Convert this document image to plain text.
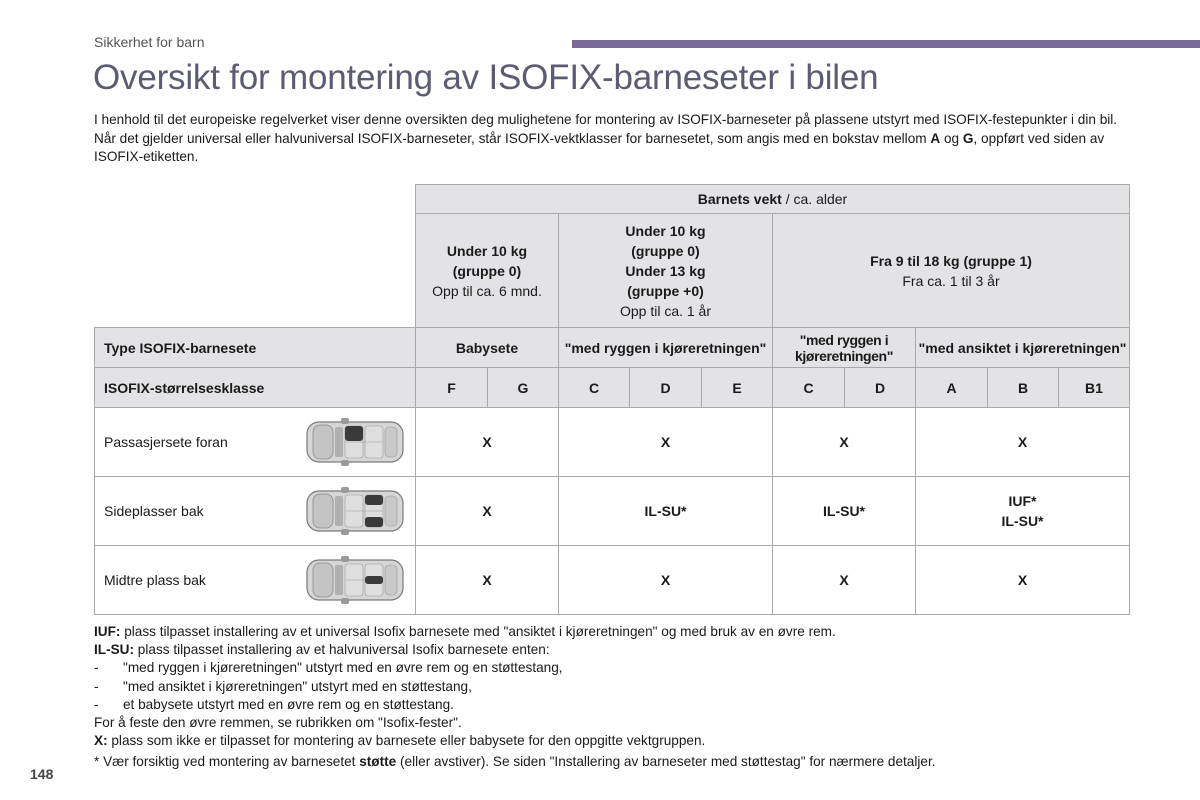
Sikkerhet for barn
Oversikt for montering av ISOFIX-barneseter i bilen

I henhold til det europeiske regelverket viser denne oversikten deg mulighetene for montering av ISOFIX-barneseter på plassene utstyrt med ISOFIX-festepunkter i din bil.

Når det gjelder universal eller halvuniversal ISOFIX-barneseter, står ISOFIX-vektklasser for barnesetet, som angis med en bokstav mellom A og G, oppført ved siden av ISOFIX-etiketten.

	Barnets vekt / ca. alder									

	Under 10 kg
(gruppe 0)
Opp til ca. 6 mnd.		Under 10 kg
(gruppe 0)
Under 13 kg
(gruppe +0)
Opp til ca. 1 år			Fra 9 til 18 kg (gruppe 1)
Fra ca. 1 til 3 år				

Type ISOFIX-barnesete	Babysete		"med ryggen i kjøreretningen"			"med ryggen i kjøreretningen"		"med ansiktet i kjøreretningen"		
ISOFIX-størrelsesklasse	F	G	C	D	E	C	D	A	B	B1
Passasjersete foran	X		X			X		X		
Sideplasser bak	X		IL-SU*			IL-SU*		IUF*
IL-SU*		
Midtre plass bak	X		X			X		X		

IUF: plass tilpasset installering av et universal Isofix barnesete med "ansiktet i kjøreretningen" og med bruk av en øvre rem.

IL-SU: plass tilpasset installering av et halvuniversal Isofix barnesete enten:

- "med ryggen i kjøreretningen" utstyrt med en øvre rem og en støttestang,

- "med ansiktet i kjøreretningen" utstyrt med en støttestang,

- et babysete utstyrt med en øvre rem og en støttestang.

For å feste den øvre remmen, se rubrikken om "Isofix-fester".

X: plass som ikke er tilpasset for montering av barnesete eller babysete for den oppgitte vektgruppen.

* Vær forsiktig ved montering av barnesetet støtte (eller avstiver). Se siden "Installering av barneseter med støttestag" for nærmere detaljer.

148
